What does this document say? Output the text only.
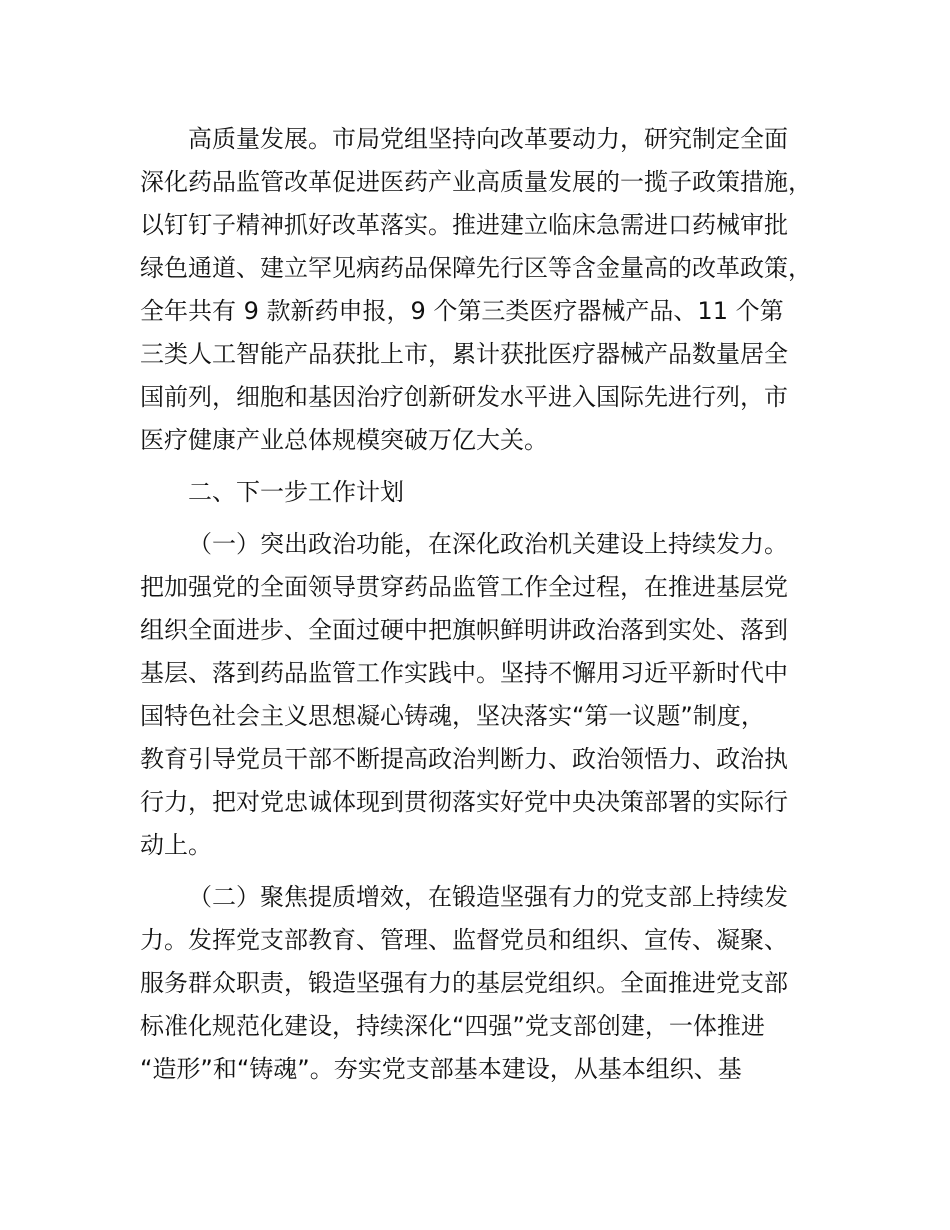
高质量发展。市局党组坚持向改革要动力，研究制定全面
深化药品监管改革促进医药产业高质量发展的一揽子政策措施，
以钉钉子精神抓好改革落实。推进建立临床急需进口药械审批
绿色通道、建立罕见病药品保障先行区等含金量高的改革政策，
全年共有 9 款新药申报，9 个第三类医疗器械产品、11 个第
三类人工智能产品获批上市，累计获批医疗器械产品数量居全
国前列，细胞和基因治疗创新研发水平进入国际先进行列，市
医疗健康产业总体规模突破万亿大关。
二、下一步工作计划
（一）突出政治功能，在深化政治机关建设上持续发力。
把加强党的全面领导贯穿药品监管工作全过程，在推进基层党
组织全面进步、全面过硬中把旗帜鲜明讲政治落到实处、落到
基层、落到药品监管工作实践中。坚持不懈用习近平新时代中
国特色社会主义思想凝心铸魂，坚决落实“第一议题”制度，
教育引导党员干部不断提高政治判断力、政治领悟力、政治执
行力，把对党忠诚体现到贯彻落实好党中央决策部署的实际行
动上。
（二）聚焦提质增效，在锻造坚强有力的党支部上持续发
力。发挥党支部教育、管理、监督党员和组织、宣传、凝聚、
服务群众职责，锻造坚强有力的基层党组织。全面推进党支部
标准化规范化建设，持续深化“四强”党支部创建，一体推进
“造形”和“铸魂”。夯实党支部基本建设，从基本组织、基
